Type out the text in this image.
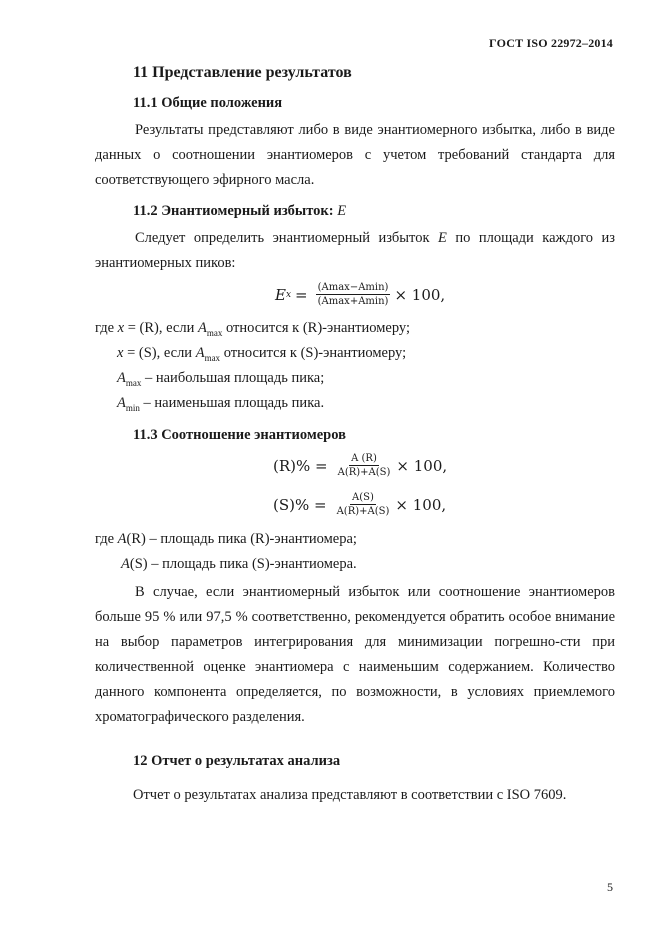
ГОСТ ISO 22972–2014
11 Представление результатов
11.1 Общие положения
Результаты представляют либо в виде энантиомерного избытка, либо в виде данных о соотношении энантиомеров с учетом требований стандарта для соответствующего эфирного масла.
11.2 Энантиомерный избыток: E
Следует определить энантиомерный избыток E по площади каждого из энантиомерных пиков:
E $x = \frac{(Amax-Amin)}{(Amax+Amin)} \times 100$,
где x = (R), если $A_{max}$ относится к (R)-энантиомеру;
x = (S), если $A_{max}$ относится к (S)-энантиомеру;
$A_{max}$ – наибольшая площадь пика;
$A_{min}$ – наименьшая площадь пика.
11.3 Соотношение энантиомеров
$(R)\% = \frac{A (R)}{A(R)+A(S)} \times 100$,
$(S)\% = \frac{A(S)}{A(R)+A(S)} \times 100$,
где A(R) – площадь пика (R)-энантиомера;
A(S) – площадь пика (S)-энантиомера.
В случае, если энантиомерный избыток или соотношение энантиомеров больше 95 % или 97,5 % соответственно, рекомендуется обратить особое внимание на выбор параметров интегрирования для минимизации погрешно-сти при количественной оценке энантиомера с наименьшим содержанием. Количество данного компонента определяется, по возможности, в условиях приемлемого хроматографического разделения.
12 Отчет о результатах анализа
Отчет о результатах анализа представляют в соответствии с ISO 7609.
5
